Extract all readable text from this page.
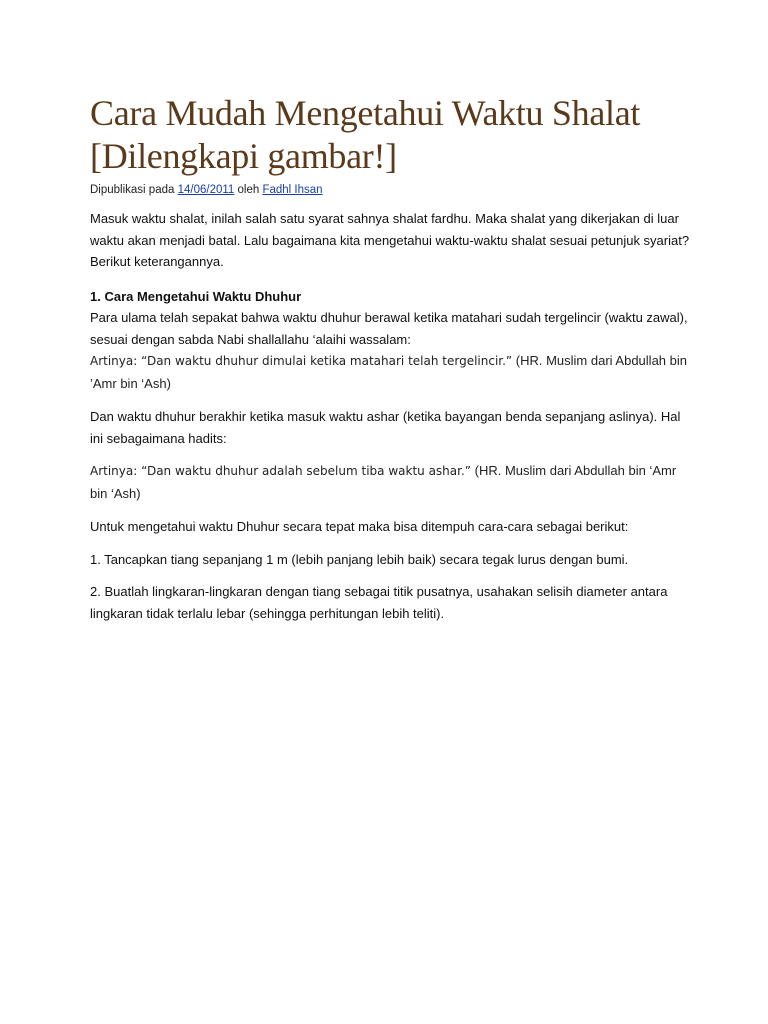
Cara Mudah Mengetahui Waktu Shalat [Dilengkapi gambar!]
Dipublikasi pada 14/06/2011 oleh Fadhl Ihsan

Masuk waktu shalat, inilah salah satu syarat sahnya shalat fardhu. Maka shalat yang dikerjakan di luar waktu akan menjadi batal. Lalu bagaimana kita mengetahui waktu-waktu shalat sesuai petunjuk syariat? Berikut keterangannya.

1. Cara Mengetahui Waktu Dhuhur

Para ulama telah sepakat bahwa waktu dhuhur berawal ketika matahari sudah tergelincir (waktu zawal), sesuai dengan sabda Nabi shallallahu ‘alaihi wassalam:

Artinya: “Dan waktu dhuhur dimulai ketika matahari telah tergelincir.” (HR. Muslim dari Abdullah bin ’Amr bin ‘Ash)

Dan waktu dhuhur berakhir ketika masuk waktu ashar (ketika bayangan benda sepanjang aslinya). Hal ini sebagaimana hadits:

Artinya: “Dan waktu dhuhur adalah sebelum tiba waktu ashar.” (HR. Muslim dari Abdullah bin ‘Amr bin ‘Ash)

Untuk mengetahui waktu Dhuhur secara tepat maka bisa ditempuh cara-cara sebagai berikut:

1. Tancapkan tiang sepanjang 1 m (lebih panjang lebih baik) secara tegak lurus dengan bumi.

2. Buatlah lingkaran-lingkaran dengan tiang sebagai titik pusatnya, usahakan selisih diameter antara lingkaran tidak terlalu lebar (sehingga perhitungan lebih teliti).
